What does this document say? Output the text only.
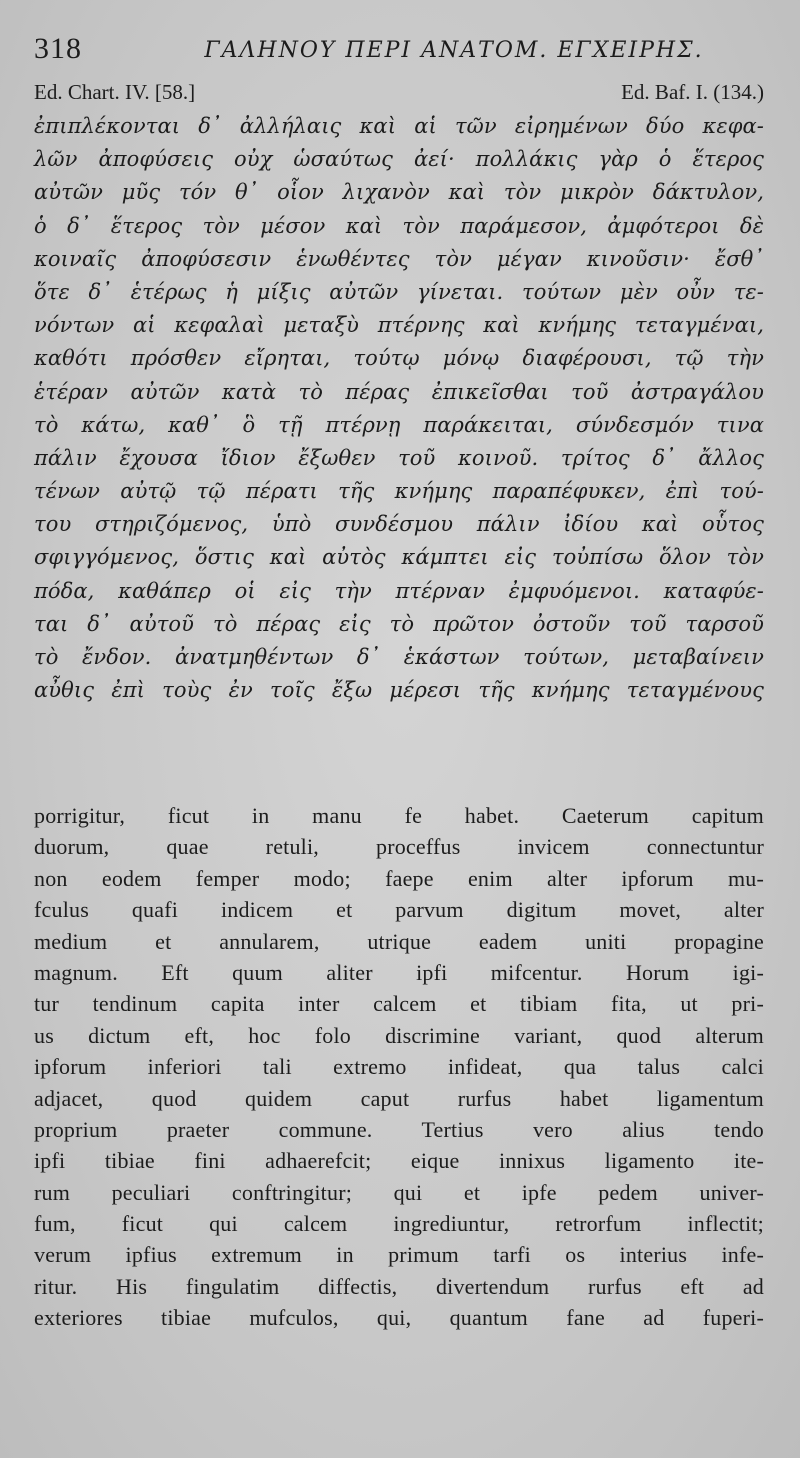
318	ΓΑΛΗΝΟΥ ΠΕΡΙ ΑΝΑΤΟΜ. ΕΓΧΕΙΡΗΣ.
Ed. Chart. IV. [58.]	Ed. Baf. I. (134.)
ἐπιπλέκονται δ᾽ ἀλλήλαις καὶ αἱ τῶν εἰρημένων δύο κεφα-
λῶν ἀποφύσεις οὐχ ὡσαύτως ἀεί· πολλάκις γὰρ ὁ ἕτερος
αὐτῶν μῦς τόν θ᾽ οἷον λιχανὸν καὶ τὸν μικρὸν δάκτυλον,
ὁ δ᾽ ἕτερος τὸν μέσον καὶ τὸν παράμεσον, ἀμφότεροι δὲ
κοιναῖς ἀποφύσεσιν ἑνωθέντες τὸν μέγαν κινοῦσιν· ἔσθ᾽
ὅτε δ᾽ ἑτέρως ἡ μίξις αὐτῶν γίνεται. τούτων μὲν οὖν τε-
νόντων αἱ κεφαλαὶ μεταξὺ πτέρνης καὶ κνήμης τεταγμέναι,
καθότι πρόσθεν εἴρηται, τούτῳ μόνῳ διαφέρουσι, τῷ τὴν
ἑτέραν αὐτῶν κατὰ τὸ πέρας ἐπικεῖσθαι τοῦ ἀστραγάλου
τὸ κάτω, καθ᾽ ὃ τῇ πτέρνῃ παράκειται, σύνδεσμόν τινα
πάλιν ἔχουσα ἴδιον ἔξωθεν τοῦ κοινοῦ. τρίτος δ᾽ ἄλλος
τένων αὐτῷ τῷ πέρατι τῆς κνήμης παραπέφυκεν, ἐπὶ τού-
του στηριζόμενος, ὑπὸ συνδέσμου πάλιν ἰδίου καὶ οὗτος
σφιγγόμενος, ὅστις καὶ αὐτὸς κάμπτει εἰς τοὐπίσω ὅλον τὸν
πόδα, καθάπερ οἱ εἰς τὴν πτέρναν ἐμφυόμενοι. καταφύε-
ται δ᾽ αὐτοῦ τὸ πέρας εἰς τὸ πρῶτον ὀστοῦν τοῦ ταρσοῦ
τὸ ἔνδον. ἀνατμηθέντων δ᾽ ἑκάστων τούτων, μεταβαίνειν
αὖθις ἐπὶ τοὺς ἐν τοῖς ἔξω μέρεσι τῆς κνήμης τεταγμένους
porrigitur, ficut in manu fe habet. Caeterum capitum
duorum, quae retuli, proceffus invicem connectuntur
non eodem femper modo; faepe enim alter ipforum mu-
fculus quafi indicem et parvum digitum movet, alter
medium et annularem, utrique eadem uniti propagine
magnum. Eft quum aliter ipfi mifcentur. Horum igi-
tur tendinum capita inter calcem et tibiam fita, ut pri-
us dictum eft, hoc folo discrimine variant, quod alterum
ipforum inferiori tali extremo infideat, qua talus calci
adjacet, quod quidem caput rurfus habet ligamentum
proprium praeter commune. Tertius vero alius tendo
ipfi tibiae fini adhaerefcit; eique innixus ligamento ite-
rum peculiari conftringitur; qui et ipfe pedem univer-
fum, ficut qui calcem ingrediuntur, retrorfum inflectit;
verum ipfius extremum in primum tarfi os interius infe-
ritur. His fingulatim diffectis, divertendum rurfus eft ad
exteriores tibiae mufculos, qui, quantum fane ad fuperi-
